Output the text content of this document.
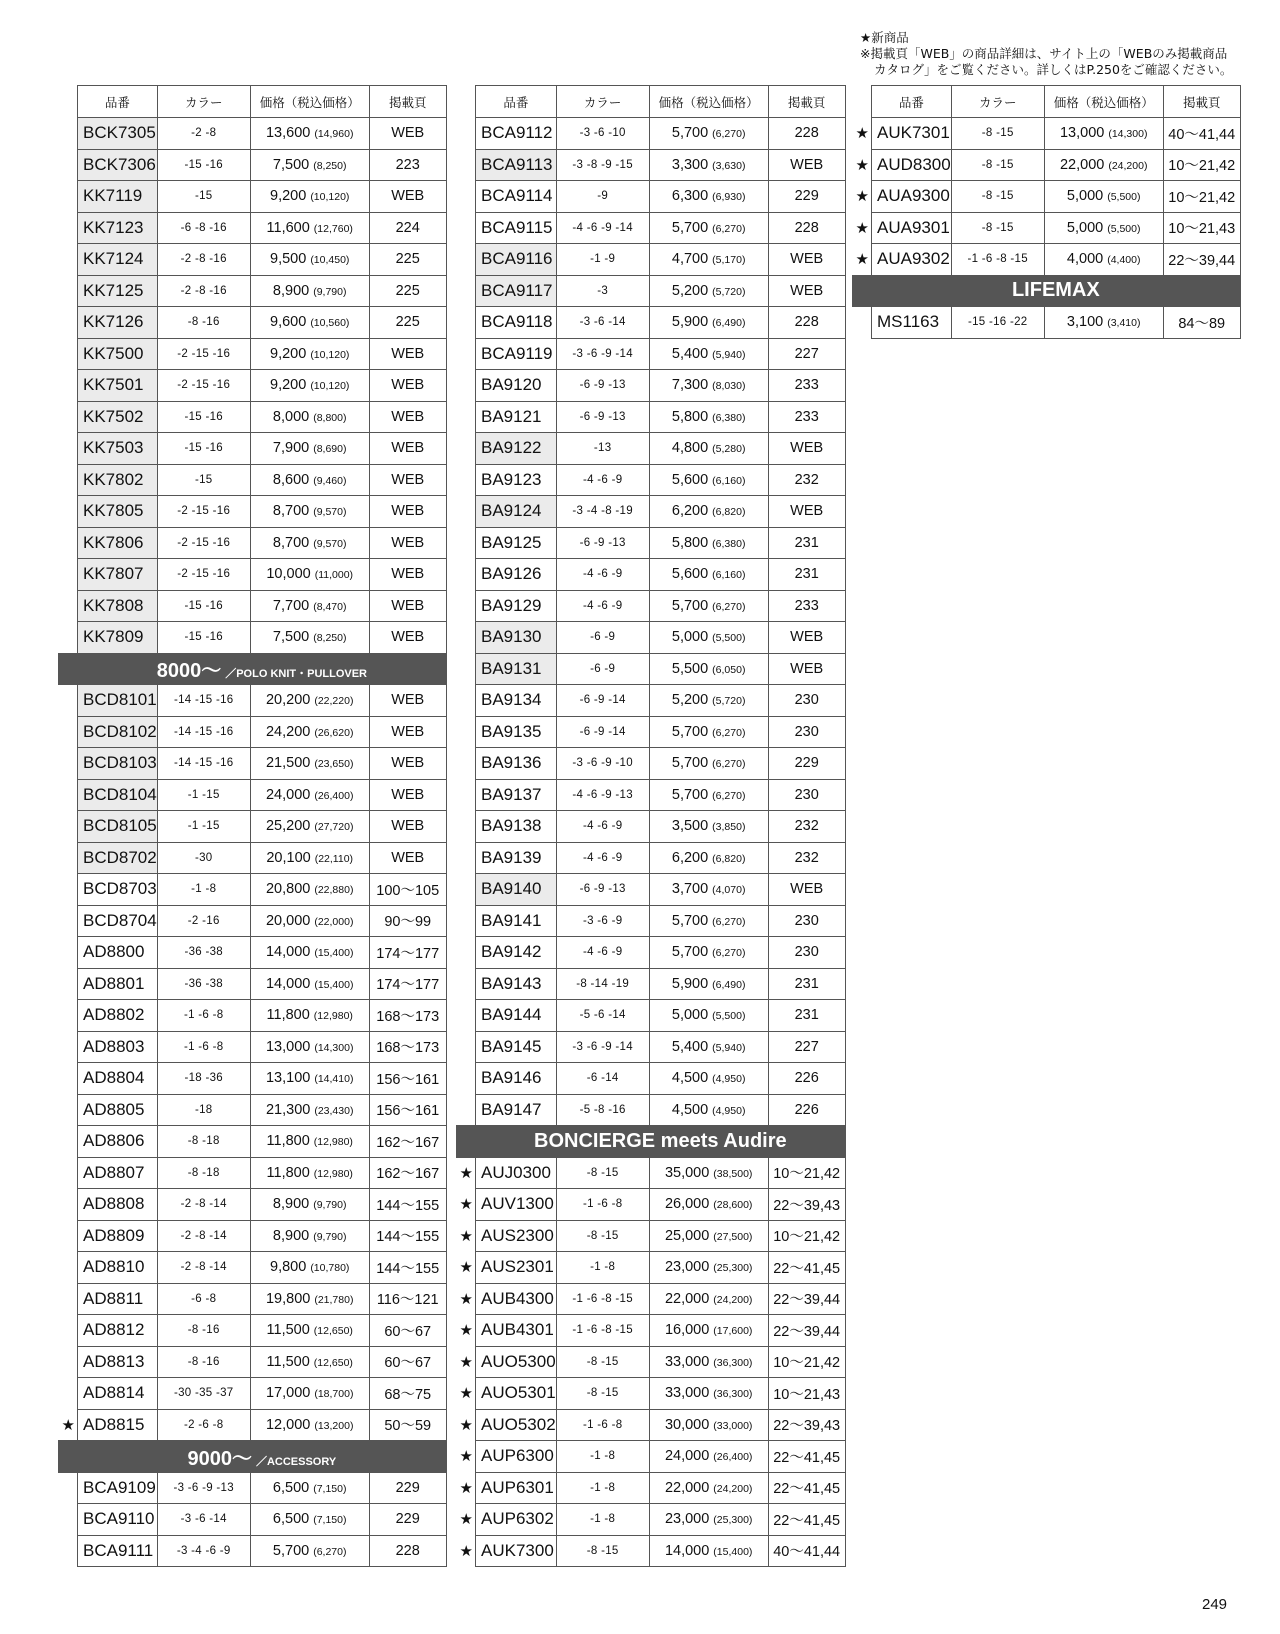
★新商品
※掲載頁「WEB」の商品詳細は、サイト上の「WEBのみ掲載商品
カタログ」をご覧ください。詳しくはP.250をご確認ください。
	品番	カラー	価格（税込価格）	掲載頁
	BCK7305	-2 -8	13,600 (14,960)	WEB
	BCK7306	-15 -16	7,500 (8,250)	223
	KK7119	-15	9,200 (10,120)	WEB
	KK7123	-6 -8 -16	11,600 (12,760)	224
	KK7124	-2 -8 -16	9,500 (10,450)	225
	KK7125	-2 -8 -16	8,900 (9,790)	225
	KK7126	-8 -16	9,600 (10,560)	225
	KK7500	-2 -15 -16	9,200 (10,120)	WEB
	KK7501	-2 -15 -16	9,200 (10,120)	WEB
	KK7502	-15 -16	8,000 (8,800)	WEB
	KK7503	-15 -16	7,900 (8,690)	WEB
	KK7802	-15	8,600 (9,460)	WEB
	KK7805	-2 -15 -16	8,700 (9,570)	WEB
	KK7806	-2 -15 -16	8,700 (9,570)	WEB
	KK7807	-2 -15 -16	10,000 (11,000)	WEB
	KK7808	-15 -16	7,700 (8,470)	WEB
	KK7809	-15 -16	7,500 (8,250)	WEB
	8000～ ／POLO KNIT・PULLOVER			
	BCD8101	-14 -15 -16	20,200 (22,220)	WEB
	BCD8102	-14 -15 -16	24,200 (26,620)	WEB
	BCD8103	-14 -15 -16	21,500 (23,650)	WEB
	BCD8104	-1 -15	24,000 (26,400)	WEB
	BCD8105	-1 -15	25,200 (27,720)	WEB
	BCD8702	-30	20,100 (22,110)	WEB
	BCD8703	-1 -8	20,800 (22,880)	100～105
	BCD8704	-2 -16	20,000 (22,000)	90～99
	AD8800	-36 -38	14,000 (15,400)	174～177
	AD8801	-36 -38	14,000 (15,400)	174～177
	AD8802	-1 -6 -8	11,800 (12,980)	168～173
	AD8803	-1 -6 -8	13,000 (14,300)	168～173
	AD8804	-18 -36	13,100 (14,410)	156～161
	AD8805	-18	21,300 (23,430)	156～161
	AD8806	-8 -18	11,800 (12,980)	162～167
	AD8807	-8 -18	11,800 (12,980)	162～167
	AD8808	-2 -8 -14	8,900 (9,790)	144～155
	AD8809	-2 -8 -14	8,900 (9,790)	144～155
	AD8810	-2 -8 -14	9,800 (10,780)	144～155
	AD8811	-6 -8	19,800 (21,780)	116～121
	AD8812	-8 -16	11,500 (12,650)	60～67
	AD8813	-8 -16	11,500 (12,650)	60～67
	AD8814	-30 -35 -37	17,000 (18,700)	68～75
★	AD8815	-2 -6 -8	12,000 (13,200)	50～59
	9000～ ／ACCESSORY			
	BCA9109	-3 -6 -9 -13	6,500 (7,150)	229
	BCA9110	-3 -6 -14	6,500 (7,150)	229
	BCA9111	-3 -4 -6 -9	5,700 (6,270)	228
	品番	カラー	価格（税込価格）	掲載頁
	BCA9112	-3 -6 -10	5,700 (6,270)	228
	BCA9113	-3 -8 -9 -15	3,300 (3,630)	WEB
	BCA9114	-9	6,300 (6,930)	229
	BCA9115	-4 -6 -9 -14	5,700 (6,270)	228
	BCA9116	-1 -9	4,700 (5,170)	WEB
	BCA9117	-3	5,200 (5,720)	WEB
	BCA9118	-3 -6 -14	5,900 (6,490)	228
	BCA9119	-3 -6 -9 -14	5,400 (5,940)	227
	BA9120	-6 -9 -13	7,300 (8,030)	233
	BA9121	-6 -9 -13	5,800 (6,380)	233
	BA9122	-13	4,800 (5,280)	WEB
	BA9123	-4 -6 -9	5,600 (6,160)	232
	BA9124	-3 -4 -8 -19	6,200 (6,820)	WEB
	BA9125	-6 -9 -13	5,800 (6,380)	231
	BA9126	-4 -6 -9	5,600 (6,160)	231
	BA9129	-4 -6 -9	5,700 (6,270)	233
	BA9130	-6 -9	5,000 (5,500)	WEB
	BA9131	-6 -9	5,500 (6,050)	WEB
	BA9134	-6 -9 -14	5,200 (5,720)	230
	BA9135	-6 -9 -14	5,700 (6,270)	230
	BA9136	-3 -6 -9 -10	5,700 (6,270)	229
	BA9137	-4 -6 -9 -13	5,700 (6,270)	230
	BA9138	-4 -6 -9	3,500 (3,850)	232
	BA9139	-4 -6 -9	6,200 (6,820)	232
	BA9140	-6 -9 -13	3,700 (4,070)	WEB
	BA9141	-3 -6 -9	5,700 (6,270)	230
	BA9142	-4 -6 -9	5,700 (6,270)	230
	BA9143	-8 -14 -19	5,900 (6,490)	231
	BA9144	-5 -6 -14	5,000 (5,500)	231
	BA9145	-3 -6 -9 -14	5,400 (5,940)	227
	BA9146	-6 -14	4,500 (4,950)	226
	BA9147	-5 -8 -16	4,500 (4,950)	226
	BONCIERGE meets Audire			
★	AUJ0300	-8 -15	35,000 (38,500)	10～21,42
★	AUV1300	-1 -6 -8	26,000 (28,600)	22～39,43
★	AUS2300	-8 -15	25,000 (27,500)	10～21,42
★	AUS2301	-1 -8	23,000 (25,300)	22～41,45
★	AUB4300	-1 -6 -8 -15	22,000 (24,200)	22～39,44
★	AUB4301	-1 -6 -8 -15	16,000 (17,600)	22～39,44
★	AUO5300	-8 -15	33,000 (36,300)	10～21,42
★	AUO5301	-8 -15	33,000 (36,300)	10～21,43
★	AUO5302	-1 -6 -8	30,000 (33,000)	22～39,43
★	AUP6300	-1 -8	24,000 (26,400)	22～41,45
★	AUP6301	-1 -8	22,000 (24,200)	22～41,45
★	AUP6302	-1 -8	23,000 (25,300)	22～41,45
★	AUK7300	-8 -15	14,000 (15,400)	40～41,44
	品番	カラー	価格（税込価格）	掲載頁
★	AUK7301	-8 -15	13,000 (14,300)	40～41,44
★	AUD8300	-8 -15	22,000 (24,200)	10～21,42
★	AUA9300	-8 -15	5,000 (5,500)	10～21,42
★	AUA9301	-8 -15	5,000 (5,500)	10～21,43
★	AUA9302	-1 -6 -8 -15	4,000 (4,400)	22～39,44
	LIFEMAX			
	MS1163	-15 -16 -22	3,100 (3,410)	84～89
249
